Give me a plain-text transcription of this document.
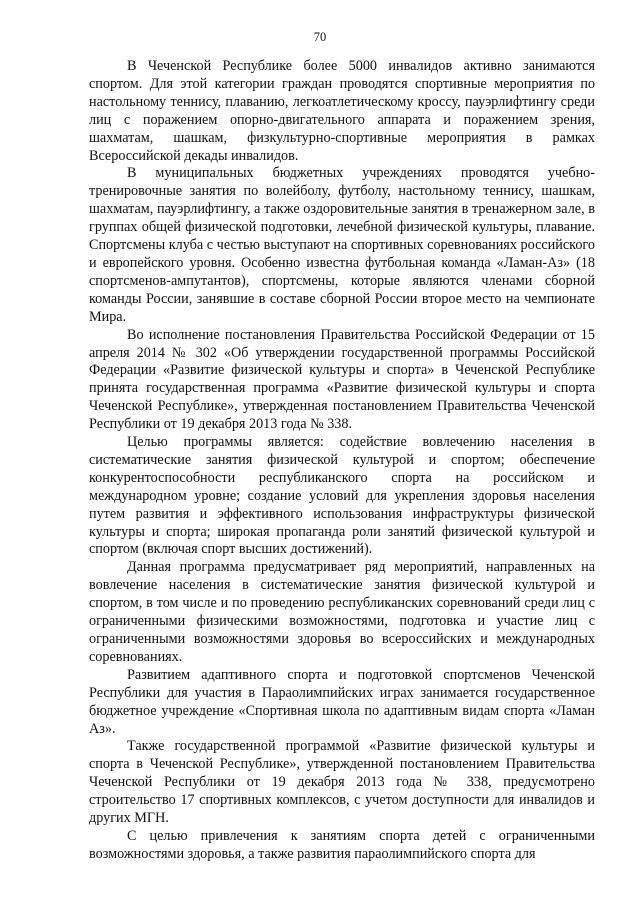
70

В Чеченской Республике более 5000 инвалидов активно занимаются спортом. Для этой категории граждан проводятся спортивные мероприятия по настольному теннису, плаванию, легкоатлетическому кроссу, пауэрлифтингу среди лиц с поражением опорно-двигательного аппарата и поражением зрения, шахматам, шашкам, физкультурно-спортивные мероприятия в рамках Всероссийской декады инвалидов.

В муниципальных бюджетных учреждениях проводятся учебно-тренировочные занятия по волейболу, футболу, настольному теннису, шашкам, шахматам, пауэрлифтингу, а также оздоровительные занятия в тренажерном зале, в группах общей физической подготовки, лечебной физической культуры, плавание. Спортсмены клуба с честью выступают на спортивных соревнованиях российского и европейского уровня. Особенно известна футбольная команда «Ламан-Аз» (18 спортсменов-ампутантов), спортсмены, которые являются членами сборной команды России, занявшие в составе сборной России второе место на чемпионате Мира.

Во исполнение постановления Правительства Российской Федерации от 15 апреля 2014 № 302 «Об утверждении государственной программы Российской Федерации «Развитие физической культуры и спорта» в Чеченской Республике принята государственная программа «Развитие физической культуры и спорта Чеченской Республике», утвержденная постановлением Правительства Чеченской Республики от 19 декабря 2013 года № 338.

Целью программы является: содействие вовлечению населения в систематические занятия физической культурой и спортом; обеспечение конкурентоспособности республиканского спорта на российском и международном уровне; создание условий для укрепления здоровья населения путем развития и эффективного использования инфраструктуры физической культуры и спорта; широкая пропаганда роли занятий физической культурой и спортом (включая спорт высших достижений).

Данная программа предусматривает ряд мероприятий, направленных на вовлечение населения в систематические занятия физической культурой и спортом, в том числе и по проведению республиканских соревнований среди лиц с ограниченными физическими возможностями, подготовка и участие лиц с ограниченными возможностями здоровья во всероссийских и международных соревнованиях.

Развитием адаптивного спорта и подготовкой спортсменов Чеченской Республики для участия в Параолимпийских играх занимается государственное бюджетное учреждение «Спортивная школа по адаптивным видам спорта «Ламан Аз».

Также государственной программой «Развитие физической культуры и спорта в Чеченской Республике», утвержденной постановлением Правительства Чеченской Республики от 19 декабря 2013 года № 338, предусмотрено строительство 17 спортивных комплексов, с учетом доступности для инвалидов и других МГН.

С целью привлечения к занятиям спорта детей с ограниченными возможностями здоровья, а также развития параолимпийского спорта для
